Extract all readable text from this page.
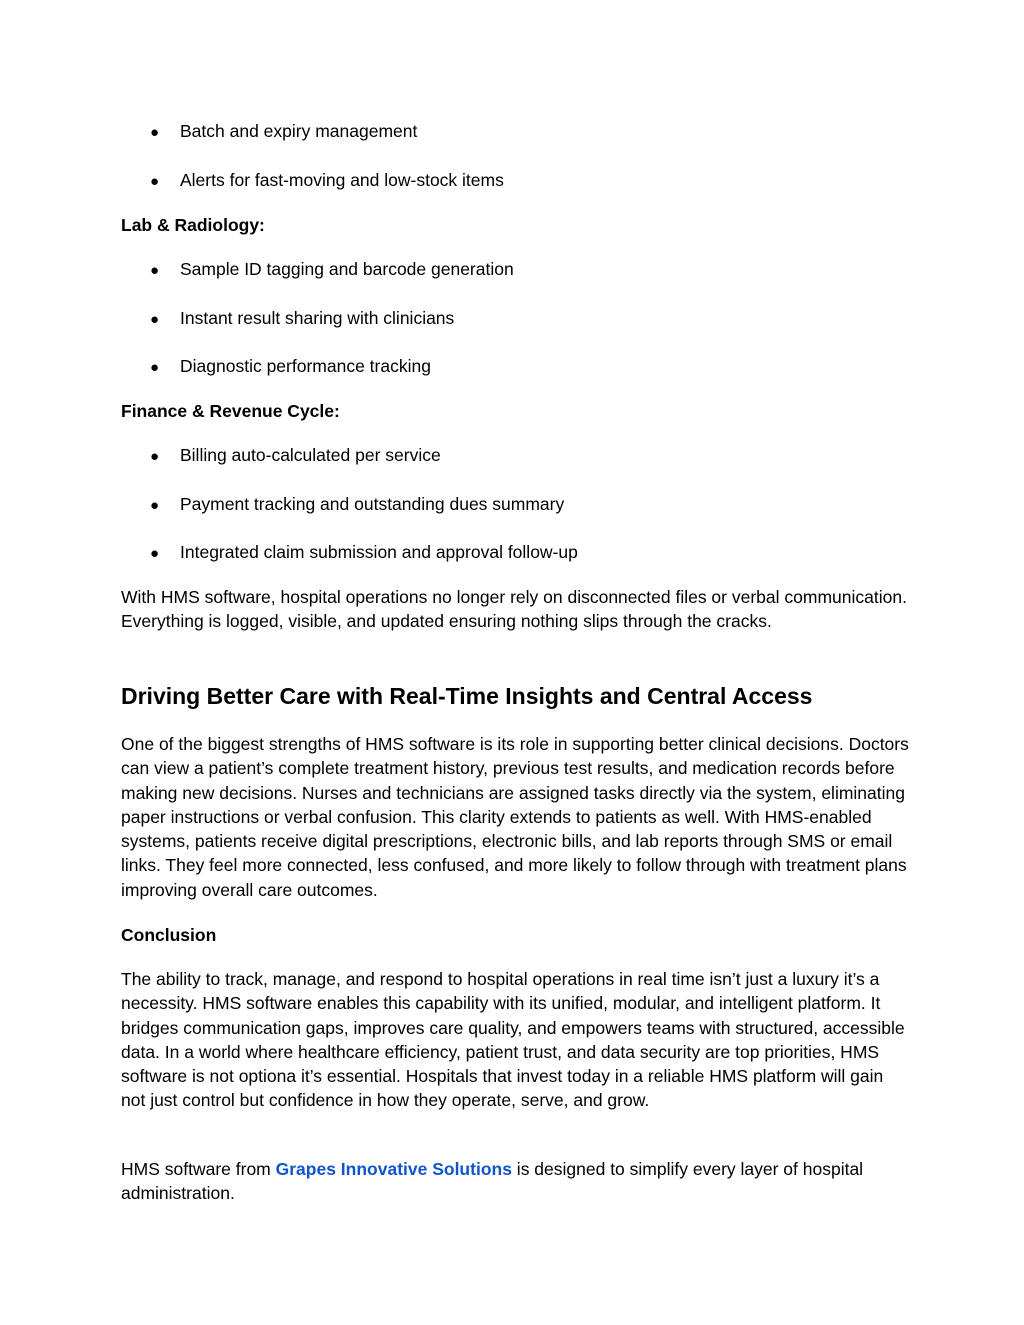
● Batch and expiry management
● Alerts for fast-moving and low-stock items
Lab & Radiology:
● Sample ID tagging and barcode generation
● Instant result sharing with clinicians
● Diagnostic performance tracking
Finance & Revenue Cycle:
● Billing auto-calculated per service
● Payment tracking and outstanding dues summary
● Integrated claim submission and approval follow-up

With HMS software, hospital operations no longer rely on disconnected files or verbal communication. Everything is logged, visible, and updated ensuring nothing slips through the cracks.

Driving Better Care with Real-Time Insights and Central Access

One of the biggest strengths of HMS software is its role in supporting better clinical decisions. Doctors can view a patient’s complete treatment history, previous test results, and medication records before making new decisions. Nurses and technicians are assigned tasks directly via the system, eliminating paper instructions or verbal confusion. This clarity extends to patients as well. With HMS-enabled systems, patients receive digital prescriptions, electronic bills, and lab reports through SMS or email links. They feel more connected, less confused, and more likely to follow through with treatment plans improving overall care outcomes.

Conclusion

The ability to track, manage, and respond to hospital operations in real time isn’t just a luxury it’s a necessity. HMS software enables this capability with its unified, modular, and intelligent platform. It bridges communication gaps, improves care quality, and empowers teams with structured, accessible data. In a world where healthcare efficiency, patient trust, and data security are top priorities, HMS software is not optiona it’s essential. Hospitals that invest today in a reliable HMS platform will gain not just control but confidence in how they operate, serve, and grow.

HMS software from Grapes Innovative Solutions is designed to simplify every layer of hospital administration.
